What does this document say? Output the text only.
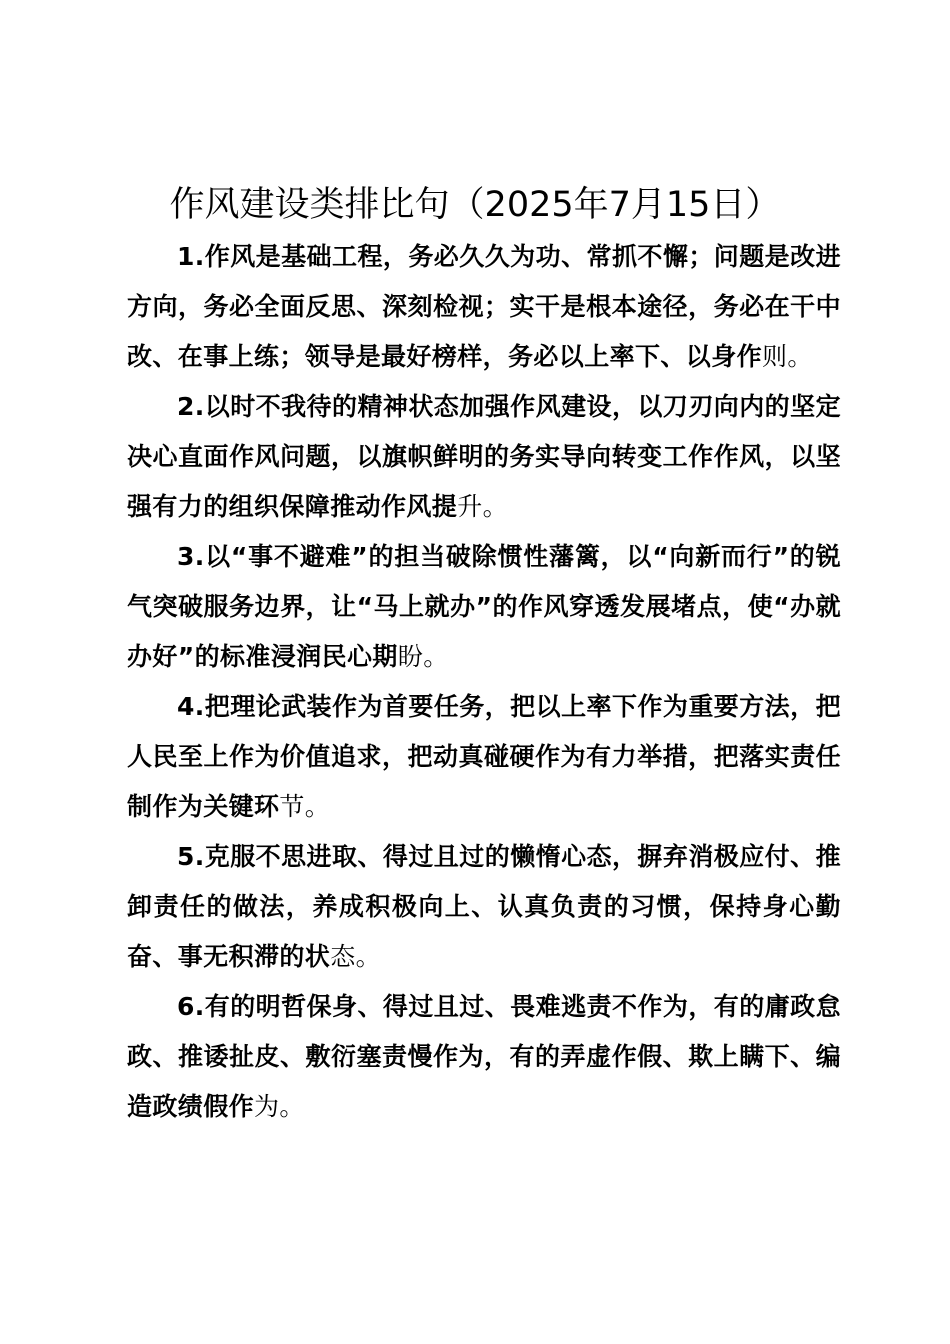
作风建设类排比句（2025年7月15日）

1.作风是基础工程，务必久久为功、常抓不懈；问题是改进方向，务必全面反思、深刻检视；实干是根本途径，务必在干中改、在事上练；领导是最好榜样，务必以上率下、以身作则。

2.以时不我待的精神状态加强作风建设，以刀刃向内的坚定决心直面作风问题，以旗帜鲜明的务实导向转变工作作风，以坚强有力的组织保障推动作风提升。

3.以“事不避难”的担当破除惯性藩篱，以“向新而行”的锐气突破服务边界，让“马上就办”的作风穿透发展堵点，使“办就办好”的标准浸润民心期盼。

4.把理论武装作为首要任务，把以上率下作为重要方法，把人民至上作为价值追求，把动真碰硬作为有力举措，把落实责任制作为关键环节。

5.克服不思进取、得过且过的懒惰心态，摒弃消极应付、推卸责任的做法，养成积极向上、认真负责的习惯，保持身心勤奋、事无积滞的状态。

6.有的明哲保身、得过且过、畏难逃责不作为，有的庸政怠政、推诿扯皮、敷衍塞责慢作为，有的弄虚作假、欺上瞒下、编造政绩假作为。
